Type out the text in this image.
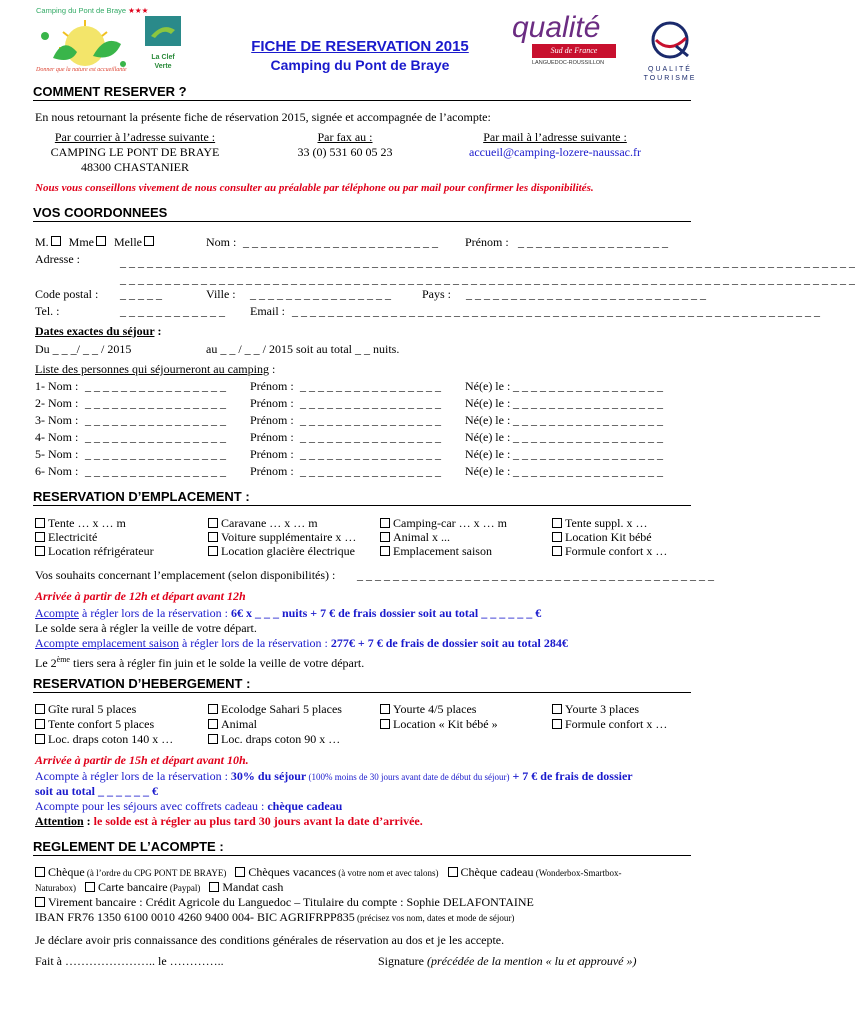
Camping du Pont de Braye ★★★
Donner que la nature est accueillante
La Clef
Verte
FICHE DE RESERVATION 2015
Camping du Pont de Braye
qualité
Sud de France
LANGUEDOC-ROUSSILLON
QUALITÉ
TOURISME
COMMENT RESERVER ?
En nous retournant la présente fiche de réservation 2015, signée et accompagnée de l’acompte:
Par courrier à l’adresse suivante :
CAMPING LE PONT DE BRAYE
48300 CHASTANIER
Par fax au :
33 (0) 531 60 05 23
Par mail à l’adresse suivante :
accueil@camping-lozere-naussac.fr
Nous vous conseillons vivement de nous consulter au préalable par téléphone ou par mail pour confirmer les disponibilités.
VOS COORDONNEES
M. Mme Melle	Nom : _ _ _ _ _ _ _ _ _ _ _ _ _ _ _ _ _ _ _ _ _ _ Prénom : _ _ _ _ _ _ _ _ _ _ _ _ _ _ _ _ _
Adresse :	_ _ _ _ _ _ _ _ _ _ _ _ _ _ _ _ _ _ _ _ _ _ _ _ _ _ _ _ _ _ _ _ _ _ _ _ _ _ _ _ _ _ _ _ _ _ _ _ _ _ _ _ _ _ _ _ _ _ _ _ _ _ _ _ _ _ _ _ _ _ _ _ _ _ _ _ _ _ _ _ _ _
_ _ _ _ _ _ _ _ _ _ _ _ _ _ _ _ _ _ _ _ _ _ _ _ _ _ _ _ _ _ _ _ _ _ _ _ _ _ _ _ _ _ _ _ _ _ _ _ _ _ _ _ _ _ _ _ _ _ _ _ _ _ _ _ _ _ _ _ _ _ _ _ _ _ _ _ _ _ _ _ _ _
Code postal : _ _ _ _ _	Ville : _ _ _ _ _ _ _ _ _ _ _ _ _ _ _ _	Pays : _ _ _ _ _ _ _ _ _ _ _ _ _ _ _ _ _ _ _ _ _ _ _ _ _ _ _
Tel. :	_ _ _ _ _ _ _ _ _ _ _ _ Email : _ _ _ _ _ _ _ _ _ _ _ _ _ _ _ _ _ _ _ _ _ _ _ _ _ _ _ _ _ _ _ _ _ _ _ _ _ _ _ _ _ _ _ _ _ _ _ _ _ _ _ _ _ _ _ _ _ _ _
Dates exactes du séjour :
Du _ _ _/ _ _ / 2015	au _ _ / _ _ / 2015 soit au total _ _ nuits.
Liste des personnes qui séjourneront au camping :
1- Nom : _ _ _ _ _ _ _ _ _ _ _ _ _ _ _ _ Prénom : _ _ _ _ _ _ _ _ _ _ _ _ _ _ _ _ Né(e) le : _ _ _ _ _ _ _ _ _ _ _ _ _ _ _ _ _
2- Nom : _ _ _ _ _ _ _ _ _ _ _ _ _ _ _ _ Prénom : _ _ _ _ _ _ _ _ _ _ _ _ _ _ _ _ Né(e) le : _ _ _ _ _ _ _ _ _ _ _ _ _ _ _ _ _
3- Nom : _ _ _ _ _ _ _ _ _ _ _ _ _ _ _ _ Prénom : _ _ _ _ _ _ _ _ _ _ _ _ _ _ _ _ Né(e) le : _ _ _ _ _ _ _ _ _ _ _ _ _ _ _ _ _
4- Nom : _ _ _ _ _ _ _ _ _ _ _ _ _ _ _ _ Prénom : _ _ _ _ _ _ _ _ _ _ _ _ _ _ _ _ Né(e) le : _ _ _ _ _ _ _ _ _ _ _ _ _ _ _ _ _
5- Nom : _ _ _ _ _ _ _ _ _ _ _ _ _ _ _ _ Prénom : _ _ _ _ _ _ _ _ _ _ _ _ _ _ _ _ Né(e) le : _ _ _ _ _ _ _ _ _ _ _ _ _ _ _ _ _
6- Nom : _ _ _ _ _ _ _ _ _ _ _ _ _ _ _ _ Prénom : _ _ _ _ _ _ _ _ _ _ _ _ _ _ _ _ Né(e) le : _ _ _ _ _ _ _ _ _ _ _ _ _ _ _ _ _
RESERVATION D’EMPLACEMENT :
Tente … x … m	Caravane … x … m	Camping-car … x … m	Tente suppl. x …
Electricité	Voiture supplémentaire x …	Animal x ...	Location Kit bébé
Location réfrigérateur	Location glacière électrique	Emplacement saison	Formule confort x …
Vos souhaits concernant l’emplacement (selon disponibilités) : _ _ _ _ _ _ _ _ _ _ _ _ _ _ _ _ _ _ _ _ _ _ _ _ _ _ _ _ _ _ _ _ _ _ _ _ _ _ _ _
Arrivée à partir de 12h et départ avant 12h
Acompte à régler lors de la réservation : 6€ x _ _ _ nuits + 7 € de frais dossier soit au total _ _ _ _ _ _ €
Le solde sera à régler la veille de votre départ.
Acompte emplacement saison à régler lors de la réservation : 277€ + 7 € de frais de dossier soit au total 284€
Le 2ème tiers sera à régler fin juin et le solde la veille de votre départ.
RESERVATION D’HEBERGEMENT :
Gîte rural 5 places	Ecolodge Sahari 5 places	Yourte 4/5 places	Yourte 3 places
Tente confort 5 places	Animal	Location « Kit bébé »	Formule confort x …
Loc. draps coton 140 x …	Loc. draps coton 90 x …
Arrivée à partir de 15h et départ avant 10h.
Acompte à régler lors de la réservation : 30% du séjour (100% moins de 30 jours avant date de début du séjour) + 7 € de frais de dossier
soit au total _ _ _ _ _ _ €
Acompte pour les séjours avec coffrets cadeau : chèque cadeau
Attention : le solde est à régler au plus tard 30 jours avant la date d’arrivée.
REGLEMENT DE L’ACOMPTE :
Chèque (à l’ordre du CPG PONT DE BRAYE) Chèques vacances (à votre nom et avec talons) Chèque cadeau (Wonderbox-Smartbox-
Naturabox) Carte bancaire (Paypal) Mandat cash
Virement bancaire : Crédit Agricole du Languedoc – Titulaire du compte : Sophie DELAFONTAINE
IBAN FR76 1350 6100 0010 4260 9400 004- BIC AGRIFRPP835 (précisez vos nom, dates et mode de séjour)
Je déclare avoir pris connaissance des conditions générales de réservation au dos et je les accepte.
Fait à ………………….. le …………..	Signature (précédée de la mention « lu et approuvé »)
